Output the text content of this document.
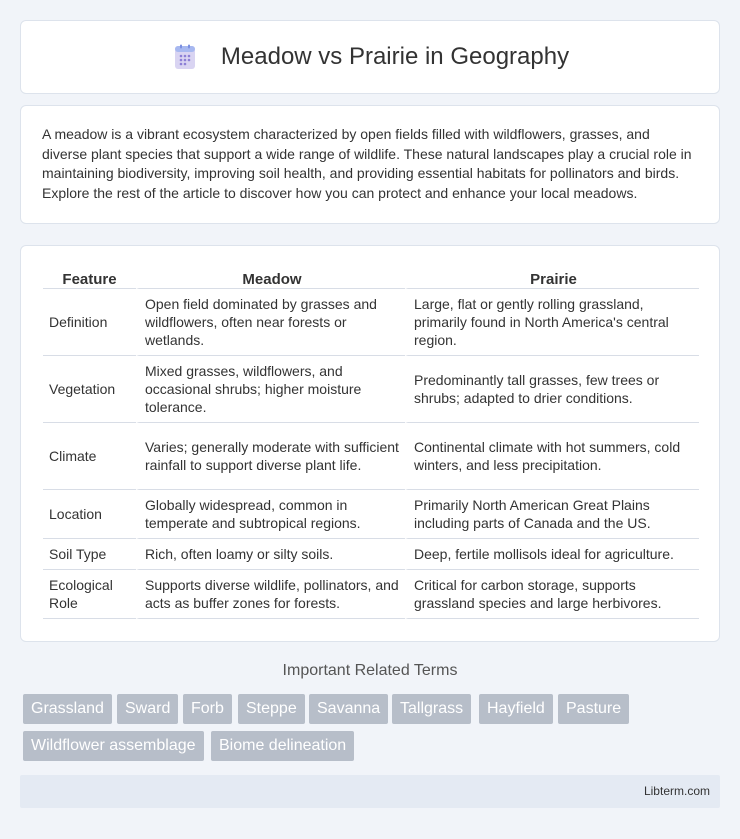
Meadow vs Prairie in Geography

A meadow is a vibrant ecosystem characterized by open fields filled with wildflowers, grasses, and diverse plant species that support a wide range of wildlife. These natural landscapes play a crucial role in maintaining biodiversity, improving soil health, and providing essential habitats for pollinators and birds. Explore the rest of the article to discover how you can protect and enhance your local meadows.

Feature	Meadow	Prairie
Definition	Open field dominated by grasses and wildflowers, often near forests or wetlands.	Large, flat or gently rolling grassland, primarily found in North America's central region.
Vegetation	Mixed grasses, wildflowers, and occasional shrubs; higher moisture tolerance.	Predominantly tall grasses, few trees or shrubs; adapted to drier conditions.
Climate	Varies; generally moderate with sufficient rainfall to support diverse plant life.	Continental climate with hot summers, cold winters, and less precipitation.
Location	Globally widespread, common in temperate and subtropical regions.	Primarily North American Great Plains including parts of Canada and the US.
Soil Type	Rich, often loamy or silty soils.	Deep, fertile mollisols ideal for agriculture.
Ecological Role	Supports diverse wildlife, pollinators, and acts as buffer zones for forests.	Critical for carbon storage, supports grassland species and large herbivores.
Important Related Terms
Grassland	Sward	Forb	Steppe	Savanna	Tallgrass	Hayfield	Pasture
Wildflower assemblage	Biome delineation
Libterm.com
